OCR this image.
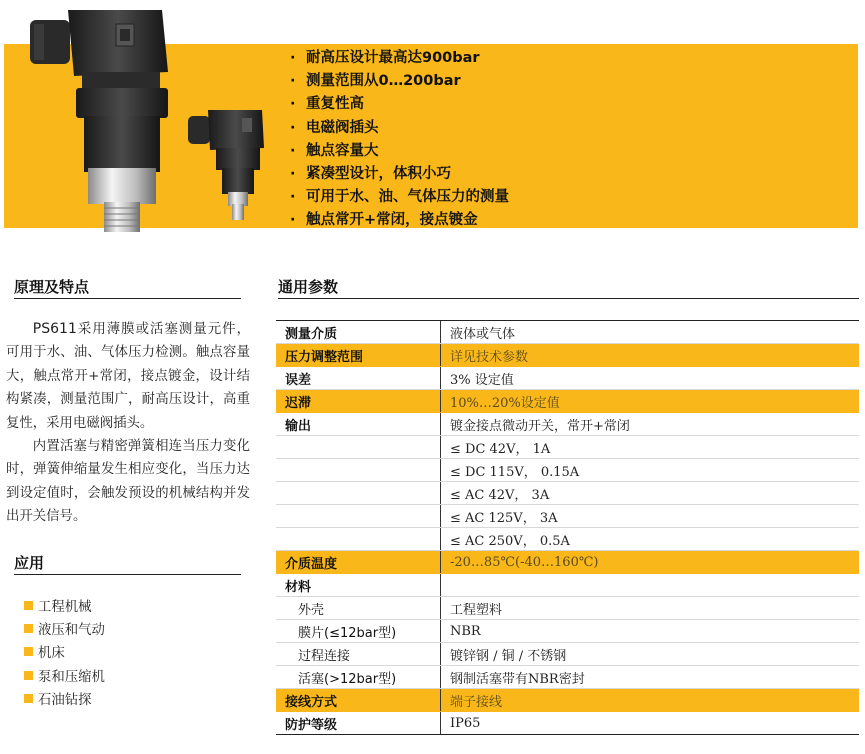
· 耐高压设计最高达900bar
· 测量范围从0…200bar
· 重复性高
· 电磁阀插头
· 触点容量大
· 紧凑型设计，体积小巧
· 可用于水、油、气体压力的测量
· 触点常开+常闭，接点镀金
原理及特点

PS611采用薄膜或活塞测量元件，可用于水、油、气体压力检测。触点容量大，触点常开+常闭，接点镀金，设计结构紧凑，测量范围广，耐高压设计，高重复性，采用电磁阀插头。

内置活塞与精密弹簧相连当压力变化时，弹簧伸缩量发生相应变化，当压力达到设定值时，会触发预设的机械结构并发出开关信号。

应用
工程机械
液压和气动
机床
泵和压缩机
石油钻探
通用参数
测量介质	液体或气体
压力调整范围	详见技术参数
误差	3% 设定值
迟滞	10%…20%设定值
输出	镀金接点微动开关，常开+常闭
	≤ DC 42V， 1A
	≤ DC 115V， 0.15A
	≤ AC 42V， 3A
	≤ AC 125V， 3A
	≤ AC 250V， 0.5A
介质温度	-20…85℃(-40…160℃)
材料	
外壳	工程塑料
膜片(≤12bar型)	NBR
过程连接	镀锌钢 / 铜 / 不锈钢
活塞(>12bar型)	钢制活塞带有NBR密封
接线方式	端子接线
防护等级	IP65
